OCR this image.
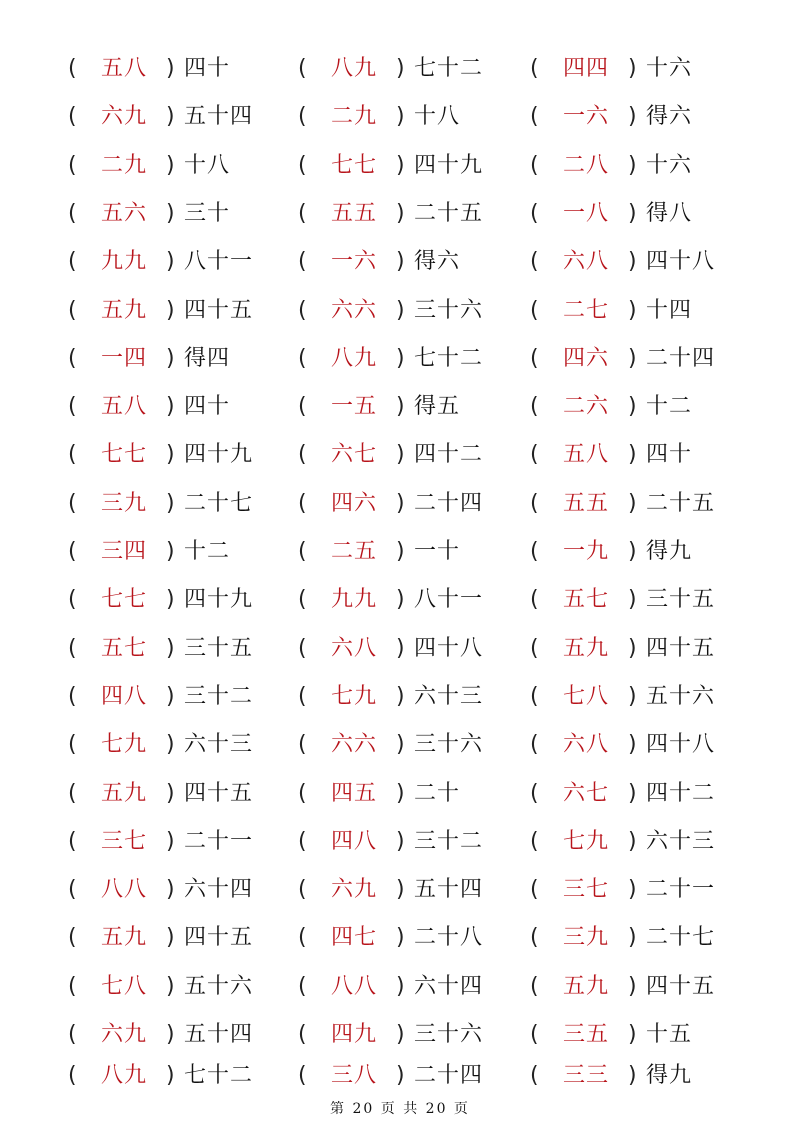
(	五八 ) 四十	(	八九 ) 七十二 (	四四 ) 十六
(	六九 ) 五十四 (	二九 ) 十八	(	一六 ) 得六
(	二九 ) 十八	(	七七 ) 四十九 (	二八 ) 十六
(	五六 ) 三十	(	五五 ) 二十五 (	一八 ) 得八
(	九九 ) 八十一 (	一六 ) 得六	(	六八 ) 四十八
(	五九 ) 四十五 (	六六 ) 三十六 (	二七 ) 十四
(	一四 ) 得四	(	八九 ) 七十二 (	四六 ) 二十四
(	五八 ) 四十	(	一五 ) 得五	(	二六 ) 十二
(	七七 ) 四十九 (	六七 ) 四十二 (	五八 ) 四十
(	三九 ) 二十七 (	四六 ) 二十四 (	五五 ) 二十五
(	三四 ) 十二	(	二五 ) 一十	(	一九 ) 得九
(	七七 ) 四十九 (	九九 ) 八十一 (	五七 ) 三十五
(	五七 ) 三十五 (	六八 ) 四十八 (	五九 ) 四十五
(	四八 ) 三十二 (	七九 ) 六十三 (	七八 ) 五十六
(	七九 ) 六十三 (	六六 ) 三十六 (	六八 ) 四十八
(	五九 ) 四十五 (	四五 ) 二十	(	六七 ) 四十二
(	三七 ) 二十一 (	四八 ) 三十二 (	七九 ) 六十三
(	八八 ) 六十四 (	六九 ) 五十四 (	三七 ) 二十一
(	五九 ) 四十五 (	四七 ) 二十八 (	三九 ) 二十七
(	七八 ) 五十六 (	八八 ) 六十四 (	五九 ) 四十五
(	六九 ) 五十四 (	四九 ) 三十六 (	三五 ) 十五
(	八九 ) 七十二 (	三八 ) 二十四 (	三三 ) 得九
第 20 页 共 20 页
